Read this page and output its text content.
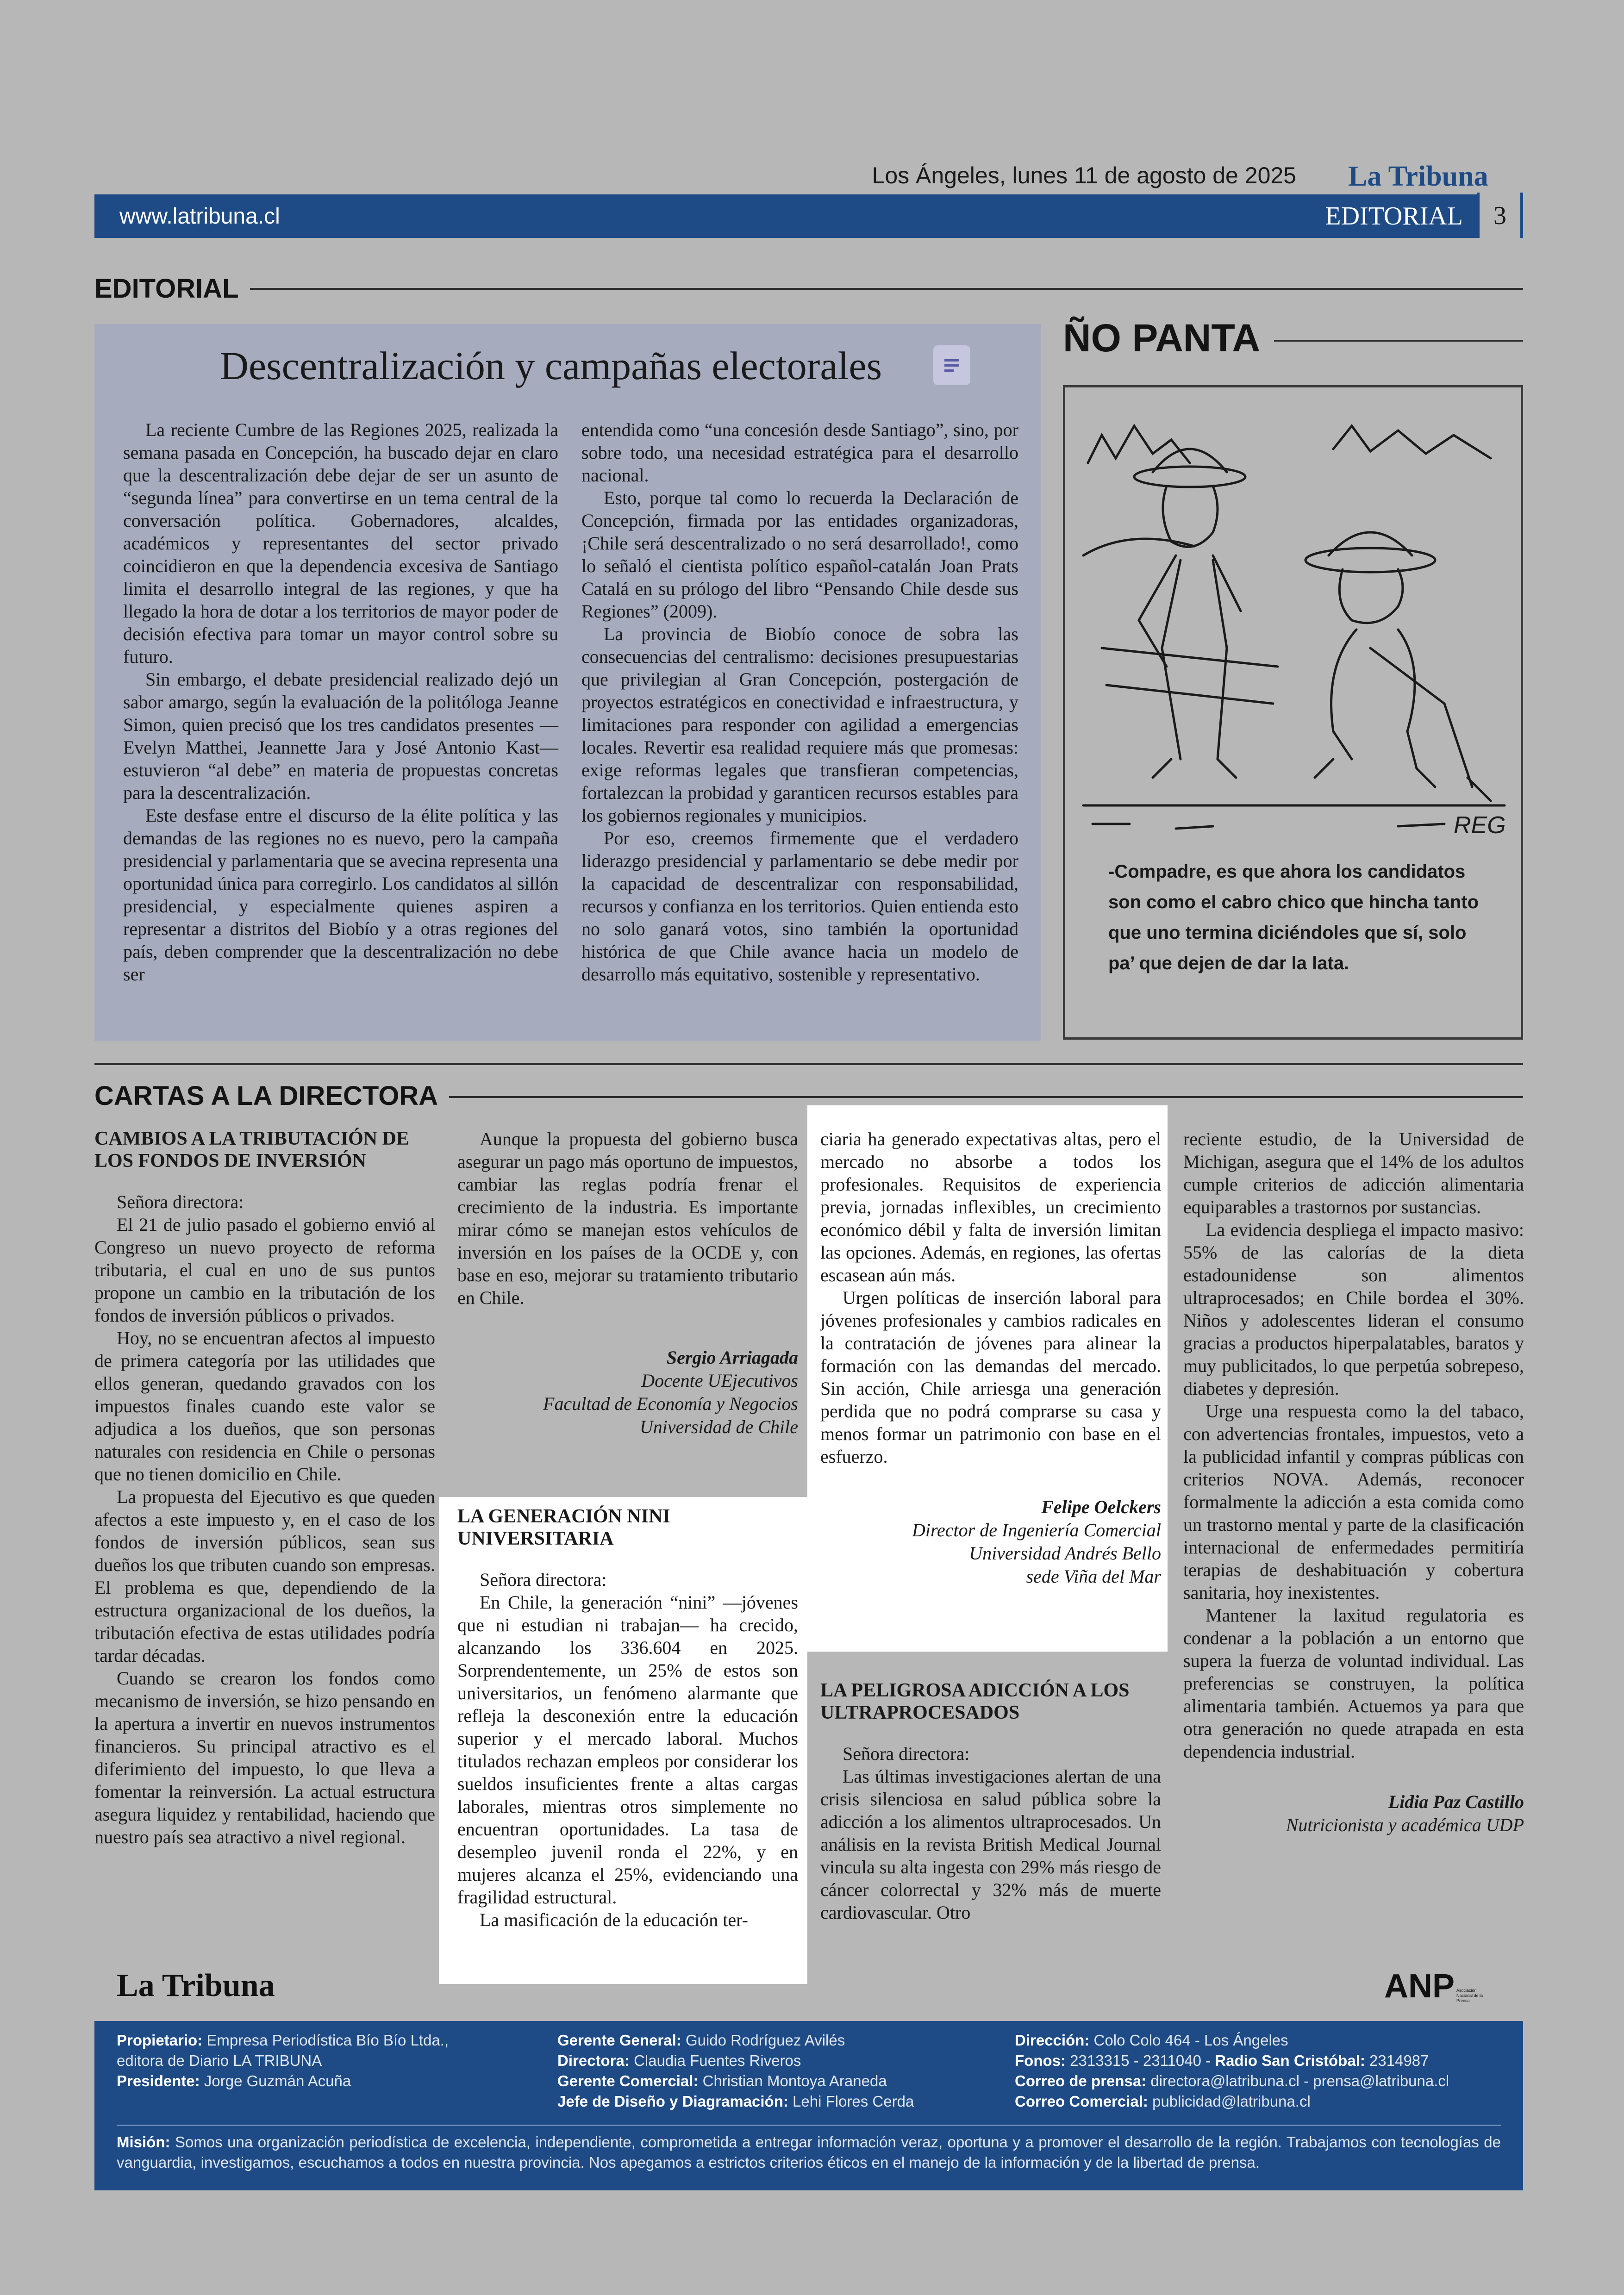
Los Ángeles, lunes 11 de agosto de 2025 La Tribuna
www.latribuna.cl	EDITORIAL	3
EDITORIAL
Descentralización y campañas electorales

La reciente Cumbre de las Regiones 2025, realizada la semana pasada en Concepción, ha buscado dejar en claro que la descentralización debe dejar de ser un asunto de “segunda línea” para convertirse en un tema central de la conversación política. Gobernadores, alcaldes, académicos y representantes del sector privado coincidieron en que la dependencia excesiva de Santiago limita el desarrollo integral de las regiones, y que ha llegado la hora de dotar a los territorios de mayor poder de decisión efectiva para tomar un mayor control sobre su futuro.

Sin embargo, el debate presidencial realizado dejó un sabor amargo, según la evaluación de la politóloga Jeanne Simon, quien precisó que los tres candidatos presentes —Evelyn Matthei, Jeannette Jara y José Antonio Kast— estuvieron “al debe” en materia de propuestas concretas para la descentralización.

Este desfase entre el discurso de la élite política y las demandas de las regiones no es nuevo, pero la campaña presidencial y parlamentaria que se avecina representa una oportunidad única para corregirlo. Los candidatos al sillón presidencial, y especialmente quienes aspiren a representar a distritos del Biobío y a otras regiones del país, deben comprender que la descentralización no debe ser

entendida como “una concesión desde Santiago”, sino, por sobre todo, una necesidad estratégica para el desarrollo nacional.

Esto, porque tal como lo recuerda la Declaración de Concepción, firmada por las entidades organizadoras, ¡Chile será descentralizado o no será desarrollado!, como lo señaló el cientista político español-catalán Joan Prats Catalá en su prólogo del libro “Pensando Chile desde sus Regiones” (2009).

La provincia de Biobío conoce de sobra las consecuencias del centralismo: decisiones presupuestarias que privilegian al Gran Concepción, postergación de proyectos estratégicos en conectividad e infraestructura, y limitaciones para responder con agilidad a emergencias locales. Revertir esa realidad requiere más que promesas: exige reformas legales que transfieran competencias, fortalezcan la probidad y garanticen recursos estables para los gobiernos regionales y municipios.

Por eso, creemos firmemente que el verdadero liderazgo presidencial y parlamentario se debe medir por la capacidad de descentralizar con responsabilidad, recursos y confianza en los territorios. Quien entienda esto no solo ganará votos, sino también la oportunidad histórica de que Chile avance hacia un modelo de desarrollo más equitativo, sostenible y representativo.

ÑO PANTA
REG
-Compadre, es que ahora los candidatos son como el cabro chico que hincha tanto que uno termina diciéndoles que sí, solo pa’ que dejen de dar la lata.
CARTAS A LA DIRECTORA
CAMBIOS A LA TRIBUTACIÓN DE LOS FONDOS DE INVERSIÓN

Señora directora:

El 21 de julio pasado el gobierno envió al Congreso un nuevo proyecto de reforma tributaria, el cual en uno de sus puntos propone un cambio en la tributación de los fondos de inversión públicos o privados.

Hoy, no se encuentran afectos al impuesto de primera categoría por las utilidades que ellos generan, quedando gravados con los impuestos finales cuando este valor se adjudica a los dueños, que son personas naturales con residencia en Chile o personas que no tienen domicilio en Chile.

La propuesta del Ejecutivo es que queden afectos a este impuesto y, en el caso de los fondos de inversión públicos, sean sus dueños los que tributen cuando son empresas. El problema es que, dependiendo de la estructura organizacional de los dueños, la tributación efectiva de estas utilidades podría tardar décadas.

Cuando se crearon los fondos como mecanismo de inversión, se hizo pensando en la apertura a invertir en nuevos instrumentos financieros. Su principal atractivo es el diferimiento del impuesto, lo que lleva a fomentar la reinversión. La actual estructura asegura liquidez y rentabilidad, haciendo que nuestro país sea atractivo a nivel regional.

Aunque la propuesta del gobierno busca asegurar un pago más oportuno de impuestos, cambiar las reglas podría frenar el crecimiento de la industria. Es importante mirar cómo se manejan estos vehículos de inversión en los países de la OCDE y, con base en eso, mejorar su tratamiento tributario en Chile.

Sergio Arriagada
Docente UEjecutivos
Facultad de Economía y Negocios
Universidad de Chile
LA GENERACIÓN NINI UNIVERSITARIA

Señora directora:

En Chile, la generación “nini” —jóvenes que ni estudian ni trabajan— ha crecido, alcanzando los 336.604 en 2025. Sorprendentemente, un 25% de estos son universitarios, un fenómeno alarmante que refleja la desconexión entre la educación superior y el mercado laboral. Muchos titulados rechazan empleos por considerar los sueldos insuficientes frente a altas cargas laborales, mientras otros simplemente no encuentran oportunidades. La tasa de desempleo juvenil ronda el 22%, y en mujeres alcanza el 25%, evidenciando una fragilidad estructural.

La masificación de la educación ter-

ciaria ha generado expectativas altas, pero el mercado no absorbe a todos los profesionales. Requisitos de experiencia previa, jornadas inflexibles, un crecimiento económico débil y falta de inversión limitan las opciones. Además, en regiones, las ofertas escasean aún más.

Urgen políticas de inserción laboral para jóvenes profesionales y cambios radicales en la contratación de jóvenes para alinear la formación con las demandas del mercado. Sin acción, Chile arriesga una generación perdida que no podrá comprarse su casa y menos formar un patrimonio con base en el esfuerzo.

Felipe Oelckers
Director de Ingeniería Comercial
Universidad Andrés Bello
sede Viña del Mar
LA PELIGROSA ADICCIÓN A LOS ULTRAPROCESADOS

Señora directora:

Las últimas investigaciones alertan de una crisis silenciosa en salud pública sobre la adicción a los alimentos ultraprocesados. Un análisis en la revista British Medical Journal vincula su alta ingesta con 29% más riesgo de cáncer colorrectal y 32% más de muerte cardiovascular. Otro

reciente estudio, de la Universidad de Michigan, asegura que el 14% de los adultos cumple criterios de adicción alimentaria equiparables a trastornos por sustancias.

La evidencia despliega el impacto masivo: 55% de las calorías de la dieta estadounidense son alimentos ultraprocesados; en Chile bordea el 30%. Niños y adolescentes lideran el consumo gracias a productos hiperpalatables, baratos y muy publicitados, lo que perpetúa sobrepeso, diabetes y depresión.

Urge una respuesta como la del tabaco, con advertencias frontales, impuestos, veto a la publicidad infantil y compras públicas con criterios NOVA. Además, reconocer formalmente la adicción a esta comida como un trastorno mental y parte de la clasificación internacional de enfermedades permitiría terapias de deshabituación y cobertura sanitaria, hoy inexistentes.

Mantener la laxitud regulatoria es condenar a la población a un entorno que supera la fuerza de voluntad individual. Las preferencias se construyen, la política alimentaria también. Actuemos ya para que otra generación no quede atrapada en esta dependencia industrial.

Lidia Paz Castillo
Nutricionista y académica UDP
La Tribuna	ANP Asociación Nacional de la Prensa
Propietario: Empresa Periodística Bío Bío Ltda.,
editora de Diario LA TRIBUNA
Presidente: Jorge Guzmán Acuña
Gerente General: Guido Rodríguez Avilés
Directora: Claudia Fuentes Riveros
Gerente Comercial: Christian Montoya Araneda
Jefe de Diseño y Diagramación: Lehi Flores Cerda
Dirección: Colo Colo 464 - Los Ángeles
Fonos: 2313315 - 2311040 - Radio San Cristóbal: 2314987
Correo de prensa: directora@latribuna.cl - prensa@latribuna.cl
Correo Comercial: publicidad@latribuna.cl
Misión: Somos una organización periodística de excelencia, independiente, comprometida a entregar información veraz, oportuna y a promover el desarrollo de la región. Trabajamos con tecnologías de vanguardia, investigamos, escuchamos a todos en nuestra provincia. Nos apegamos a estrictos criterios éticos en el manejo de la información y de la libertad de prensa.
